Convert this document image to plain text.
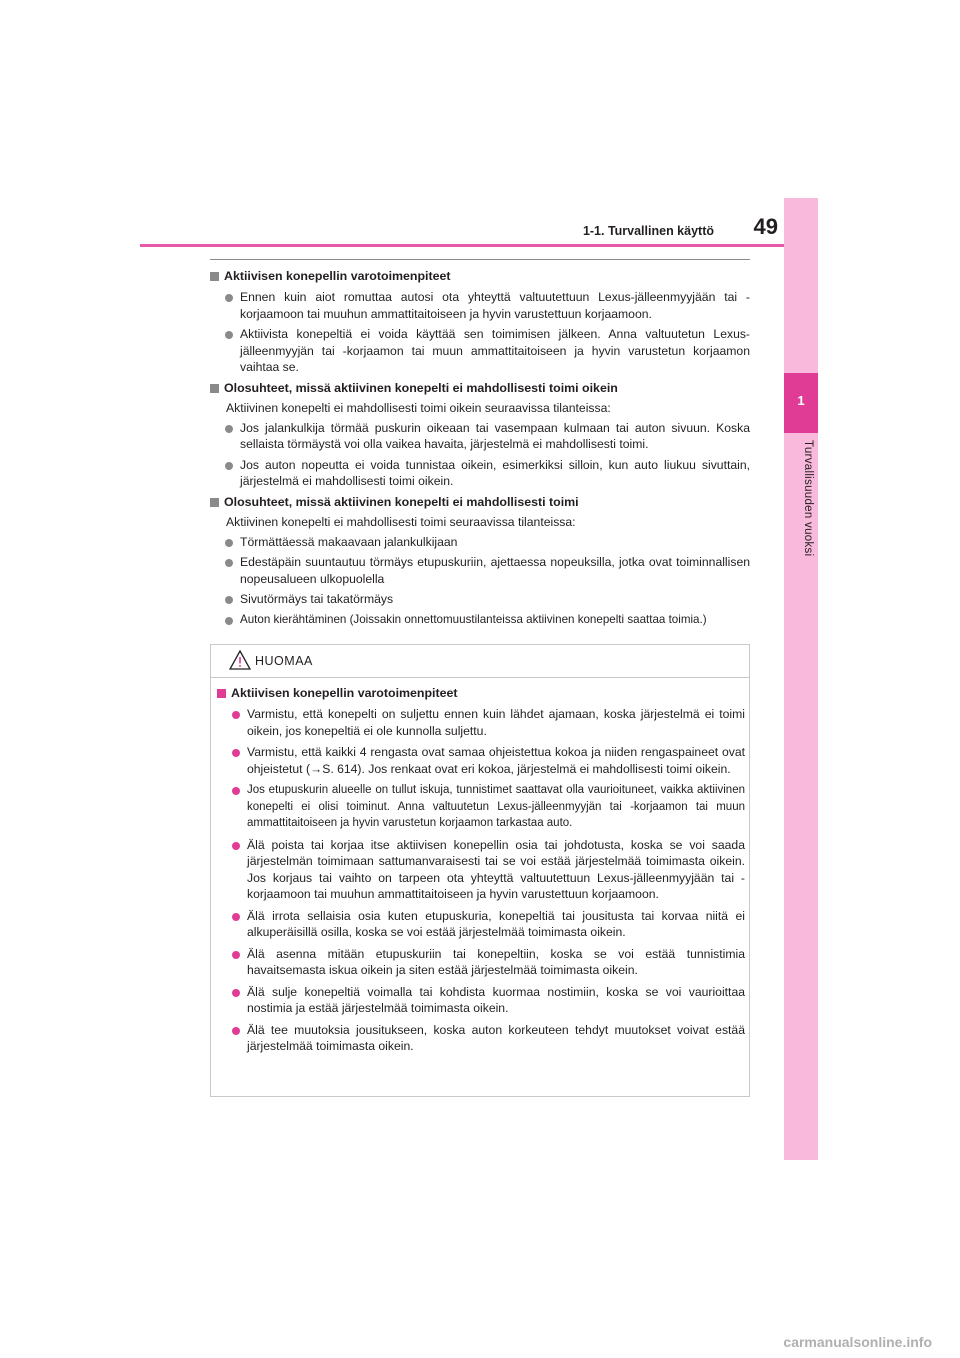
1-1. Turvallinen käyttö 49
1
Turvallisuuden vuoksi

Aktiivisen konepellin varotoimenpiteet

Ennen kuin aiot romuttaa autosi ota yhteyttä valtuutettuun Lexus-jälleenmyyjään tai -korjaamoon tai muuhun ammattitaitoiseen ja hyvin varustettuun korjaamoon.

Aktiivista konepeltiä ei voida käyttää sen toimimisen jälkeen. Anna valtuutetun Lexus-jälleenmyyjän tai -korjaamon tai muun ammattitaitoiseen ja hyvin varustetun korjaamon vaihtaa se.

Olosuhteet, missä aktiivinen konepelti ei mahdollisesti toimi oikein

Aktiivinen konepelti ei mahdollisesti toimi oikein seuraavissa tilanteissa:

Jos jalankulkija törmää puskurin oikeaan tai vasempaan kulmaan tai auton sivuun. Koska sellaista törmäystä voi olla vaikea havaita, järjestelmä ei mahdollisesti toimi.

Jos auton nopeutta ei voida tunnistaa oikein, esimerkiksi silloin, kun auto liukuu sivuttain, järjestelmä ei mahdollisesti toimi oikein.

Olosuhteet, missä aktiivinen konepelti ei mahdollisesti toimi

Aktiivinen konepelti ei mahdollisesti toimi seuraavissa tilanteissa:

Törmättäessä makaavaan jalankulkijaan

Edestäpäin suuntautuu törmäys etupuskuriin, ajettaessa nopeuksilla, jotka ovat toiminnallisen nopeusalueen ulkopuolella

Sivutörmäys tai takatörmäys

Auton kierähtäminen (Joissakin onnettomuustilanteissa aktiivinen konepelti saattaa toimia.)

HUOMAA

Aktiivisen konepellin varotoimenpiteet

Varmistu, että konepelti on suljettu ennen kuin lähdet ajamaan, koska järjestelmä ei toimi oikein, jos konepeltiä ei ole kunnolla suljettu.

Varmistu, että kaikki 4 rengasta ovat samaa ohjeistettua kokoa ja niiden rengaspaineet ovat ohjeistetut (→S. 614). Jos renkaat ovat eri kokoa, järjestelmä ei mahdollisesti toimi oikein.

Jos etupuskurin alueelle on tullut iskuja, tunnistimet saattavat olla vaurioituneet, vaikka aktiivinen konepelti ei olisi toiminut. Anna valtuutetun Lexus-jälleenmyyjän tai -korjaamon tai muun ammattitaitoiseen ja hyvin varustetun korjaamon tarkastaa auto.

Älä poista tai korjaa itse aktiivisen konepellin osia tai johdotusta, koska se voi saada järjestelmän toimimaan sattumanvaraisesti tai se voi estää järjestelmää toimimasta oikein. Jos korjaus tai vaihto on tarpeen ota yhteyttä valtuutettuun Lexus-jälleenmyyjään tai -korjaamoon tai muuhun ammattitaitoiseen ja hyvin varustettuun korjaamoon.

Älä irrota sellaisia osia kuten etupuskuria, konepeltiä tai jousitusta tai korvaa niitä ei alkuperäisillä osilla, koska se voi estää järjestelmää toimimasta oikein.

Älä asenna mitään etupuskuriin tai konepeltiin, koska se voi estää tunnistimia havaitsemasta iskua oikein ja siten estää järjestelmää toimimasta oikein.

Älä sulje konepeltiä voimalla tai kohdista kuormaa nostimiin, koska se voi vaurioittaa nostimia ja estää järjestelmää toimimasta oikein.

Älä tee muutoksia jousitukseen, koska auton korkeuteen tehdyt muutokset voivat estää järjestelmää toimimasta oikein.

carmanualsonline.info
